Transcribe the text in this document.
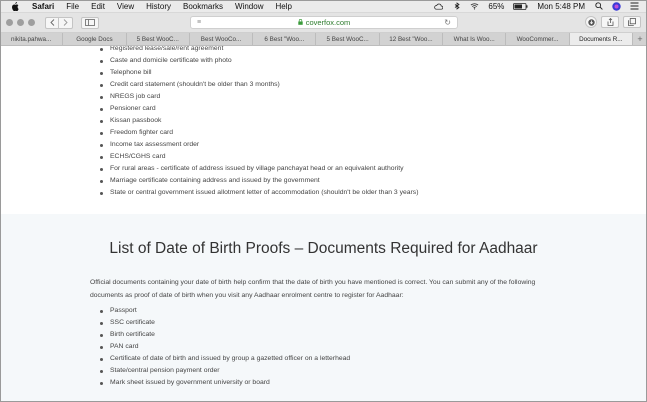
Safari File Edit View History Bookmarks Window Help	65%	Mon 5:48 PM
≡	coverfox.com	↻
nikita.pahwa...	Google Docs	5 Best WooC...	Best WooCo...	6 Best "Woo...	5 Best WooC...	12 Best "Woo...	What Is Woo...	WooCommer...	Documents R...	+
Registered lease/sale/rent agreement
Caste and domicile certificate with photo
Telephone bill
Credit card statement (shouldn't be older than 3 months)
NREGS job card
Pensioner card
Kissan passbook
Freedom fighter card
Income tax assessment order
ECHS/CGHS card
For rural areas - certificate of address issued by village panchayat head or an equivalent authority
Marriage certificate containing address and issued by the government
State or central government issued allotment letter of accommodation (shouldn't be older than 3 years)
List of Date of Birth Proofs – Documents Required for Aadhaar

Official documents containing your date of birth help confirm that the date of birth you have mentioned is correct. You can submit any of the following documents as proof of date of birth when you visit any Aadhaar enrolment centre to register for Aadhaar:

Passport
SSC certificate
Birth certificate
PAN card
Certificate of date of birth and issued by group a gazetted officer on a letterhead
State/central pension payment order
Mark sheet issued by government university or board
